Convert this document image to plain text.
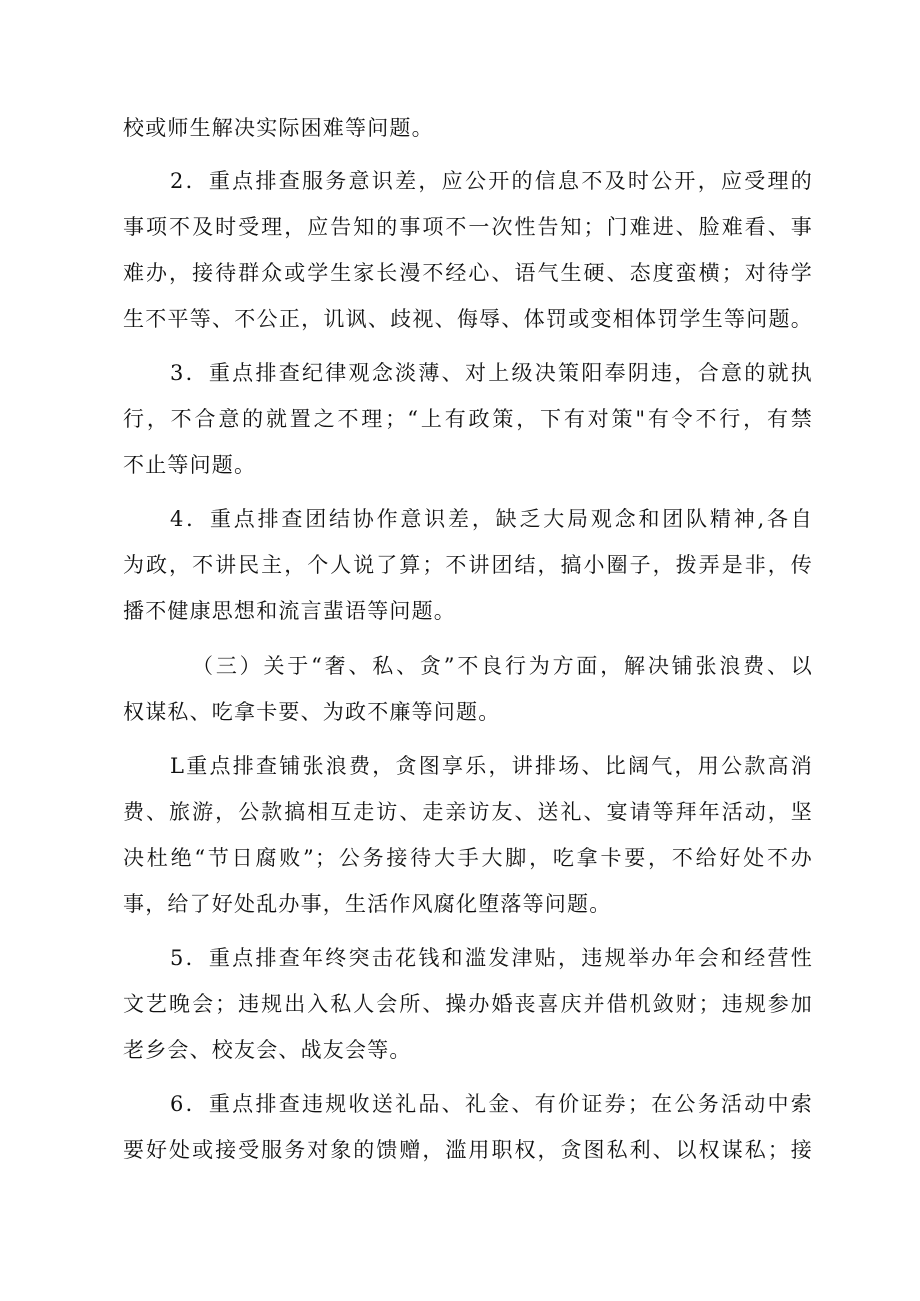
校或师生解决实际困难等问题。
2．重点排查服务意识差，应公开的信息不及时公开，应受理的
事项不及时受理，应告知的事项不一次性告知；门难进、脸难看、事
难办，接待群众或学生家长漫不经心、语气生硬、态度蛮横；对待学
生不平等、不公正，讥讽、歧视、侮辱、体罚或变相体罚学生等问题。
3．重点排查纪律观念淡薄、对上级决策阳奉阴违，合意的就执
行，不合意的就置之不理；“上有政策，下有对策"有令不行，有禁
不止等问题。
4．重点排查团结协作意识差，缺乏大局观念和团队精神,各自
为政，不讲民主，个人说了算；不讲团结，搞小圈子，拨弄是非，传
播不健康思想和流言蜚语等问题。
（三）关于“奢、私、贪”不良行为方面，解决铺张浪费、以
权谋私、吃拿卡要、为政不廉等问题。
L重点排查铺张浪费，贪图享乐，讲排场、比阔气，用公款高消
费、旅游，公款搞相互走访、走亲访友、送礼、宴请等拜年活动，坚
决杜绝“节日腐败”；公务接待大手大脚，吃拿卡要，不给好处不办
事，给了好处乱办事，生活作风腐化堕落等问题。
5．重点排查年终突击花钱和滥发津贴，违规举办年会和经营性
文艺晚会；违规出入私人会所、操办婚丧喜庆并借机敛财；违规参加
老乡会、校友会、战友会等。
6．重点排查违规收送礼品、礼金、有价证券；在公务活动中索
要好处或接受服务对象的馈赠，滥用职权，贪图私利、以权谋私；接
